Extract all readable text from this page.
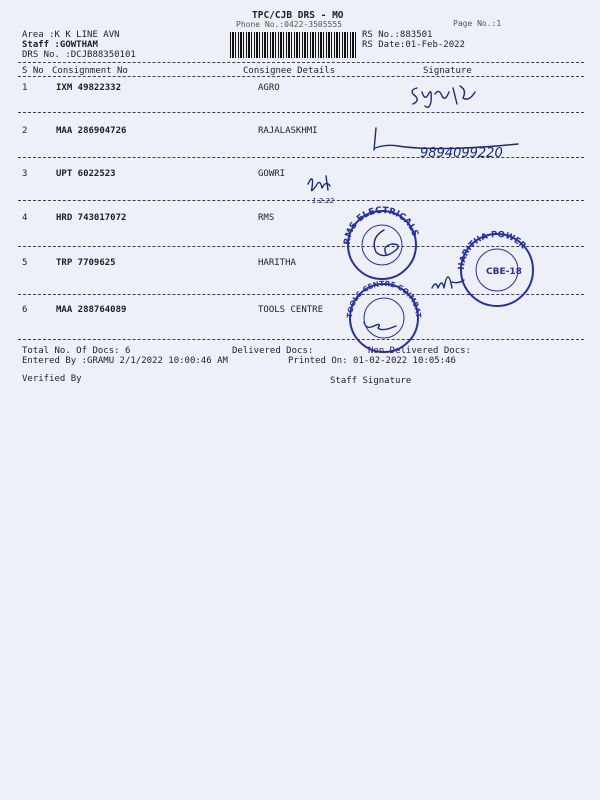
TPC/CJB DRS - MO
Phone No.:0422-3505555	Page No.:1
Area :K K LINE AVN
Staff :GOWTHAM
DRS No. :DCJB88350101
RS No.:883501
RS Date:01-Feb-2022
S No Consignment No	Consignee Details	Signature
1	IXM 49822332	AGRO
2	MAA 286904726	RAJALASKHMI
3	UPT 6022523	GOWRI
4	HRD 743017072	RMS
5	TRP 7709625	HARITHA
6	MAA 288764089	TOOLS CENTRE
Total No. Of Docs: 6	Delivered Docs:	Non Delivered Docs:
Entered By :GRAMU 2/1/2022 10:00:46 AM	Printed On: 01-02-2022 10:05:46
Verified By	Staff Signature
9894099220
1.2.22
RMS ELECTRICALS
HARITHA POWER
CBE-18
TOOLS CENTRE COIMBATORE
